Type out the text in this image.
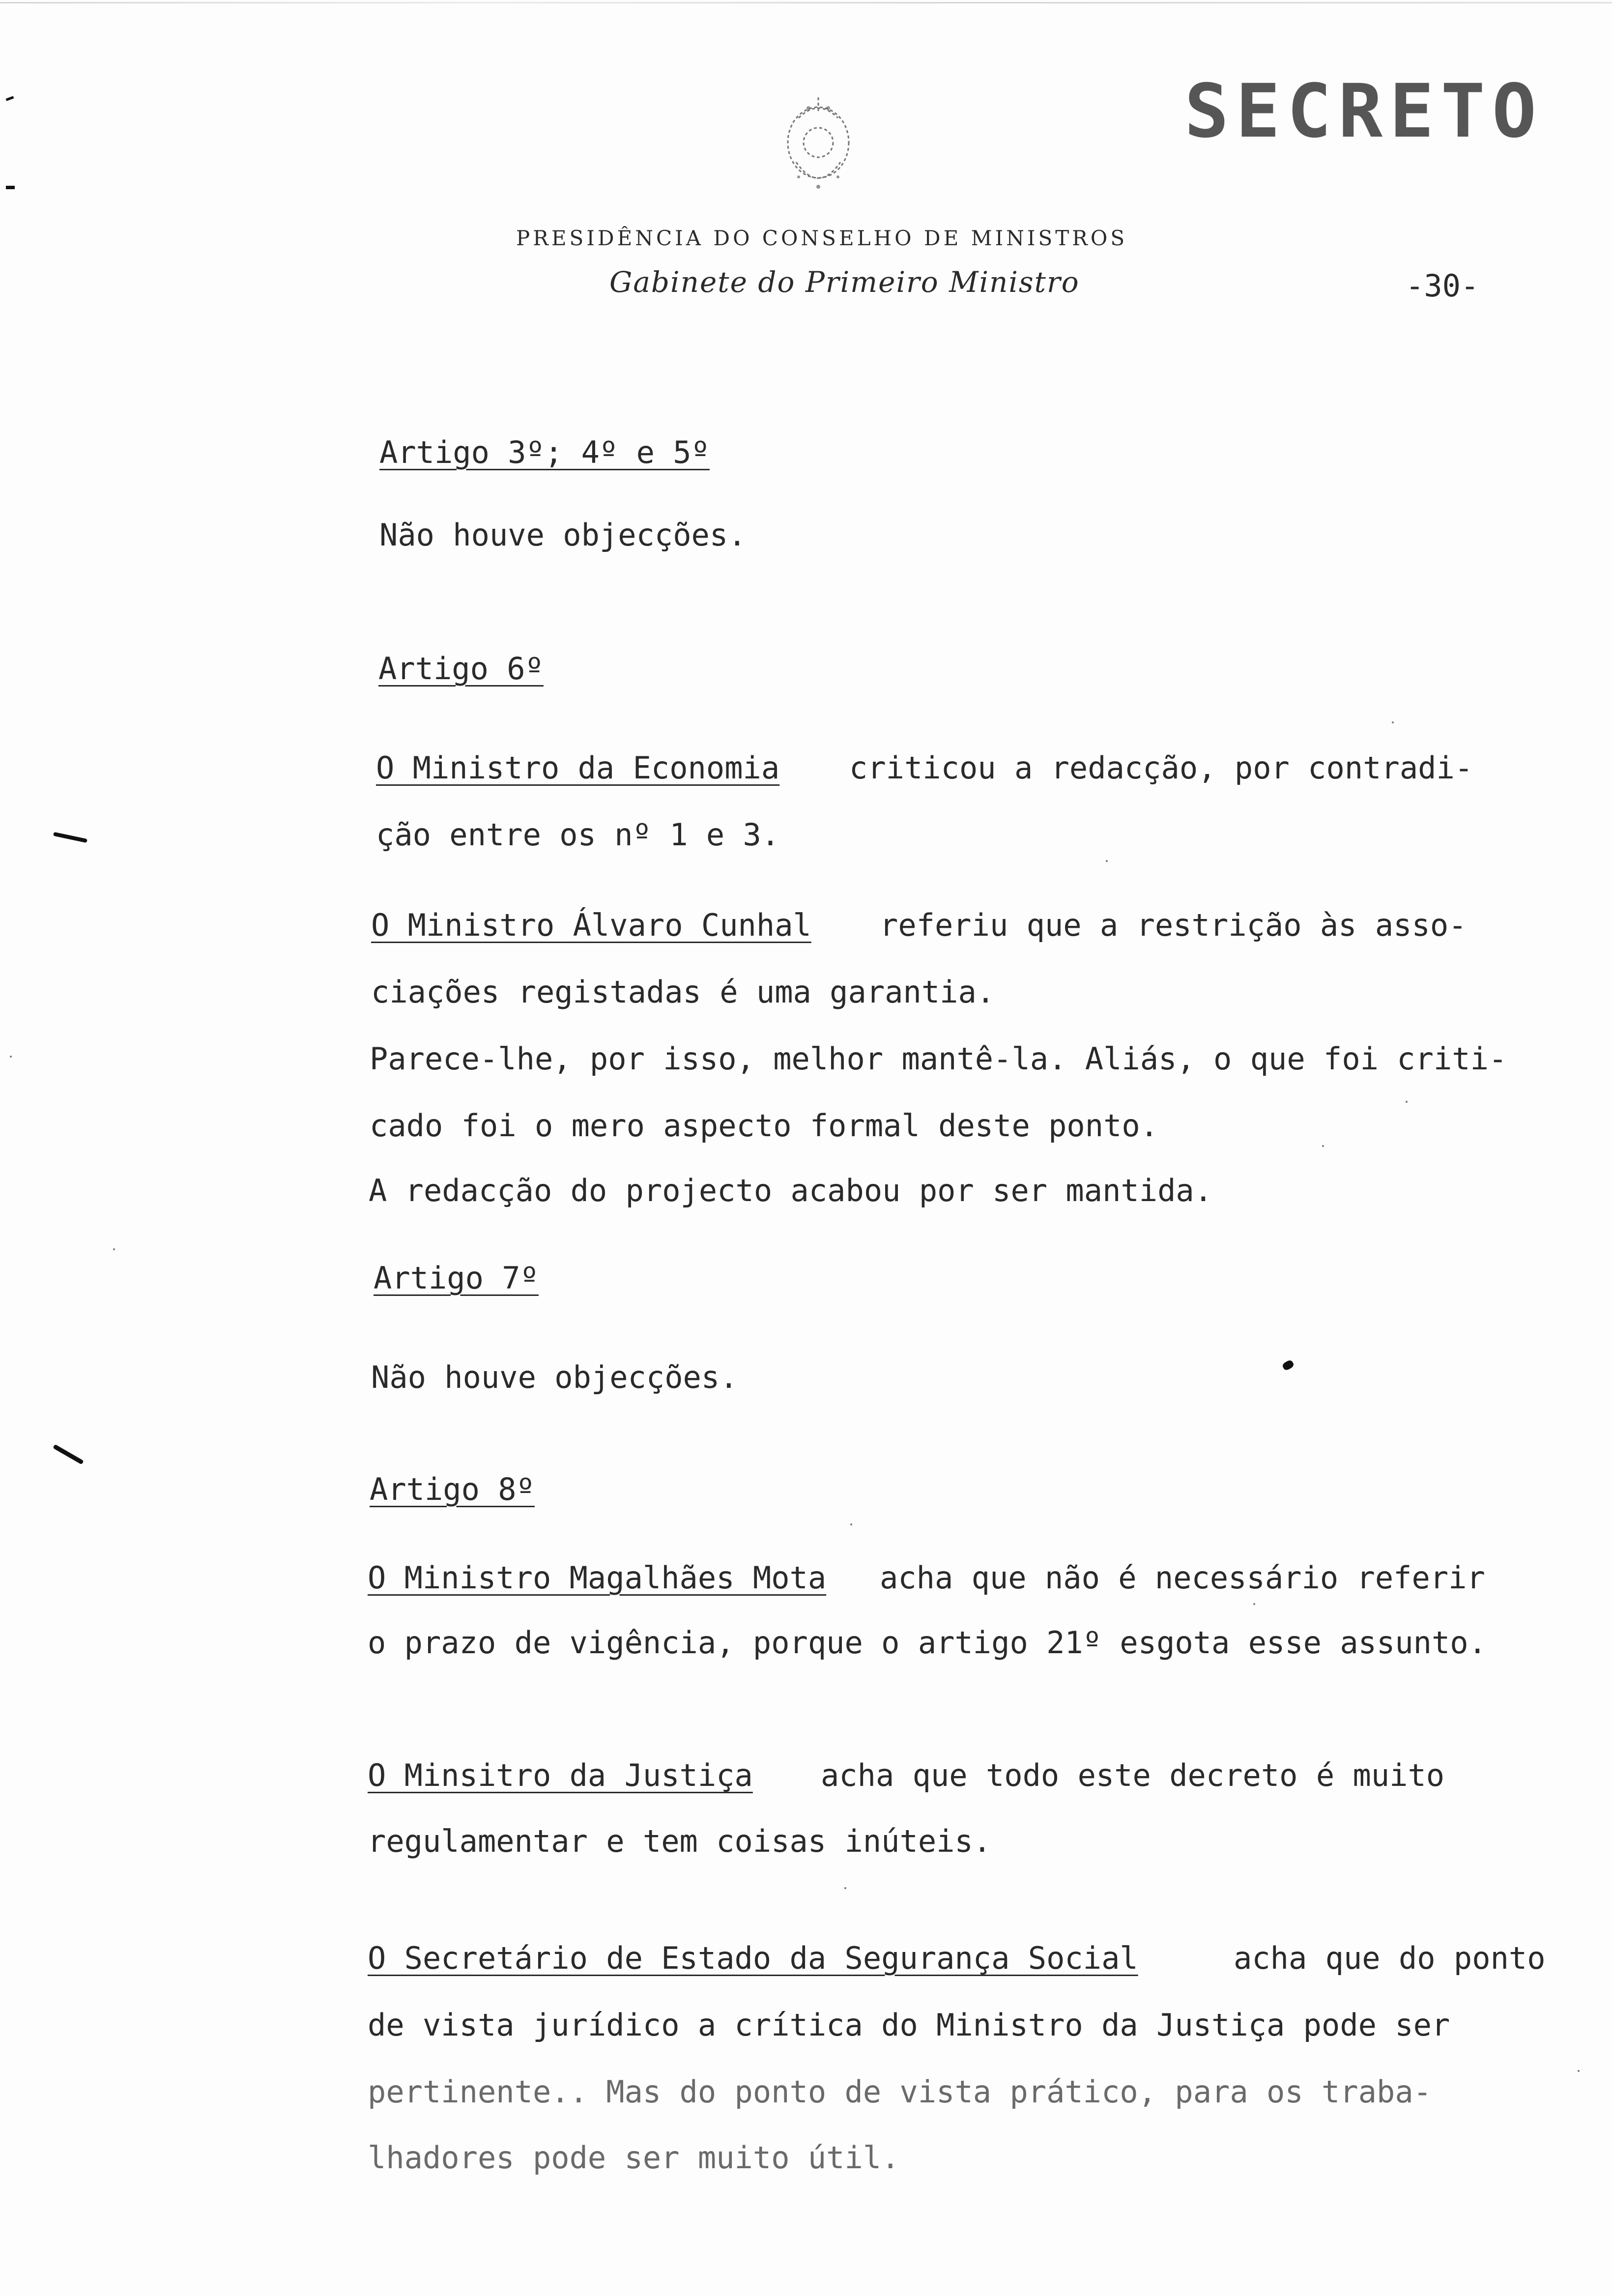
SECRETO
PRESIDÊNCIA DO CONSELHO DE MINISTROS
Gabinete do Primeiro Ministro	-30-
Artigo 3º; 4º e 5º
Não houve objecções.
Artigo 6º
O Ministro da Economia criticou a redacção, por contradi-
ção entre os nº 1 e 3.
O Ministro Álvaro Cunhal referiu que a restrição às asso-
ciações registadas é uma garantia.
Parece-lhe, por isso, melhor mantê-la. Aliás, o que foi criti-
cado foi o mero aspecto formal deste ponto.
A redacção do projecto acabou por ser mantida.
Artigo 7º
Não houve objecções.
Artigo 8º
O Ministro Magalhães Mota acha que não é necessário referir
o prazo de vigência, porque o artigo 21º esgota esse assunto.
O Minsitro da Justiça acha que todo este decreto é muito
regulamentar e tem coisas inúteis.
O Secretário de Estado da Segurança Social	acha que do ponto
de vista jurídico a crítica do Ministro da Justiça pode ser
pertinente.. Mas do ponto de vista prático, para os traba-
lhadores pode ser muito útil.
